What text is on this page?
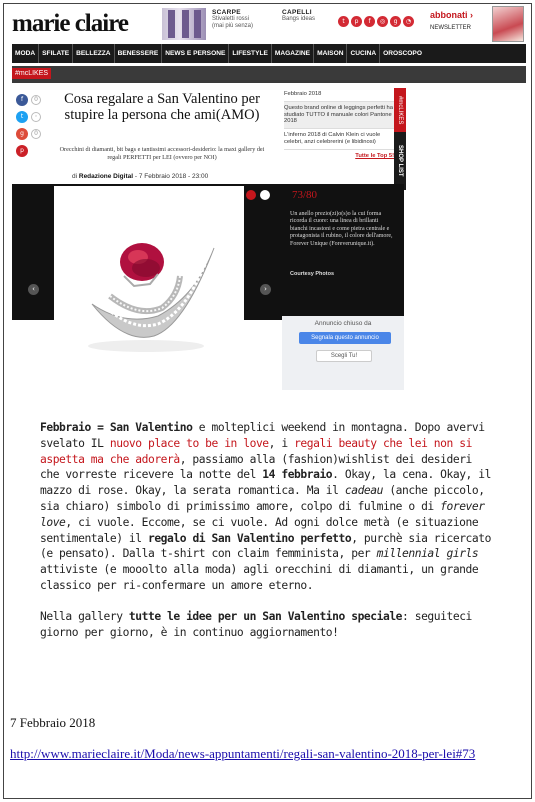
marie claire	SCARPE
Stivaletti rossi
(mai più senza)
CAPELLI
Bangs ideas	t	p	f	◎	g	◔
abbonati ›
NEWSLETTER
MODA	SFILATE	BELLEZZA	BENESSERE	NEWS E PERSONE	LIFESTYLE	MAGAZINE	MAISON	CUCINA	OROSCOPO
#mcLIKES
f	0
t	◦
g	0
p
Cosa regalare a San Valentino per stupire la persona che ami(AMO)
Orecchini di diamanti, bit bags e tantissimi accessori-desiderio: la maxi gallery dei regali PERFETTI per LEI (ovvero per NOI)
di Redazione Digital - 7 Febbraio 2018 - 23:00
Febbraio 2018
Questo brand online di leggings perfetti ha studiato TUTTO il manuale colori Pantone 2018
L'inferno 2018 di Calvin Klein ci vuole celebri, anzi celebrerini (e libidinosi)
Tutte le Top 5!
#mcLIKES
SHOP LIST
‹	›
73/80
Un anello prezio(zi)o(s)o la cui forma ricorda il cuore: una linea di brillanti bianchi incastoni e come pietra centrale e protagonista il rubino, il colore dell'amore, Forever Unique (Foreverunique.it).
Courtesy Photos
Annuncio chiuso da
Segnala questo annuncio
Scegli Tu!

Febbraio = San Valentino e molteplici weekend in montagna. Dopo avervi svelato IL nuovo place to be in love, i regali beauty che lei non si aspetta ma che adorerà, passiamo alla (fashion)wishlist dei desideri che vorreste ricevere la notte del 14 febbraio. Okay, la cena. Okay, il mazzo di rose. Okay, la serata romantica. Ma il cadeau (anche piccolo, sia chiaro) simbolo di primissimo amore, colpo di fulmine o di forever love, ci vuole. Eccome, se ci vuole. Ad ogni dolce metà (e situazione sentimentale) il regalo di San Valentino perfetto, purchè sia ricercato (e pensato). Dalla t-shirt con claim femminista, per millennial girls attiviste (e mooolto alla moda) agli orecchini di diamanti, un grande classico per ri-confermare un amore eterno.

Nella gallery tutte le idee per un San Valentino speciale: seguiteci giorno per giorno, è in continuo aggiornamento!

7 Febbraio 2018
http://www.marieclaire.it/Moda/news-appuntamenti/regali-san-valentino-2018-per-lei#73
